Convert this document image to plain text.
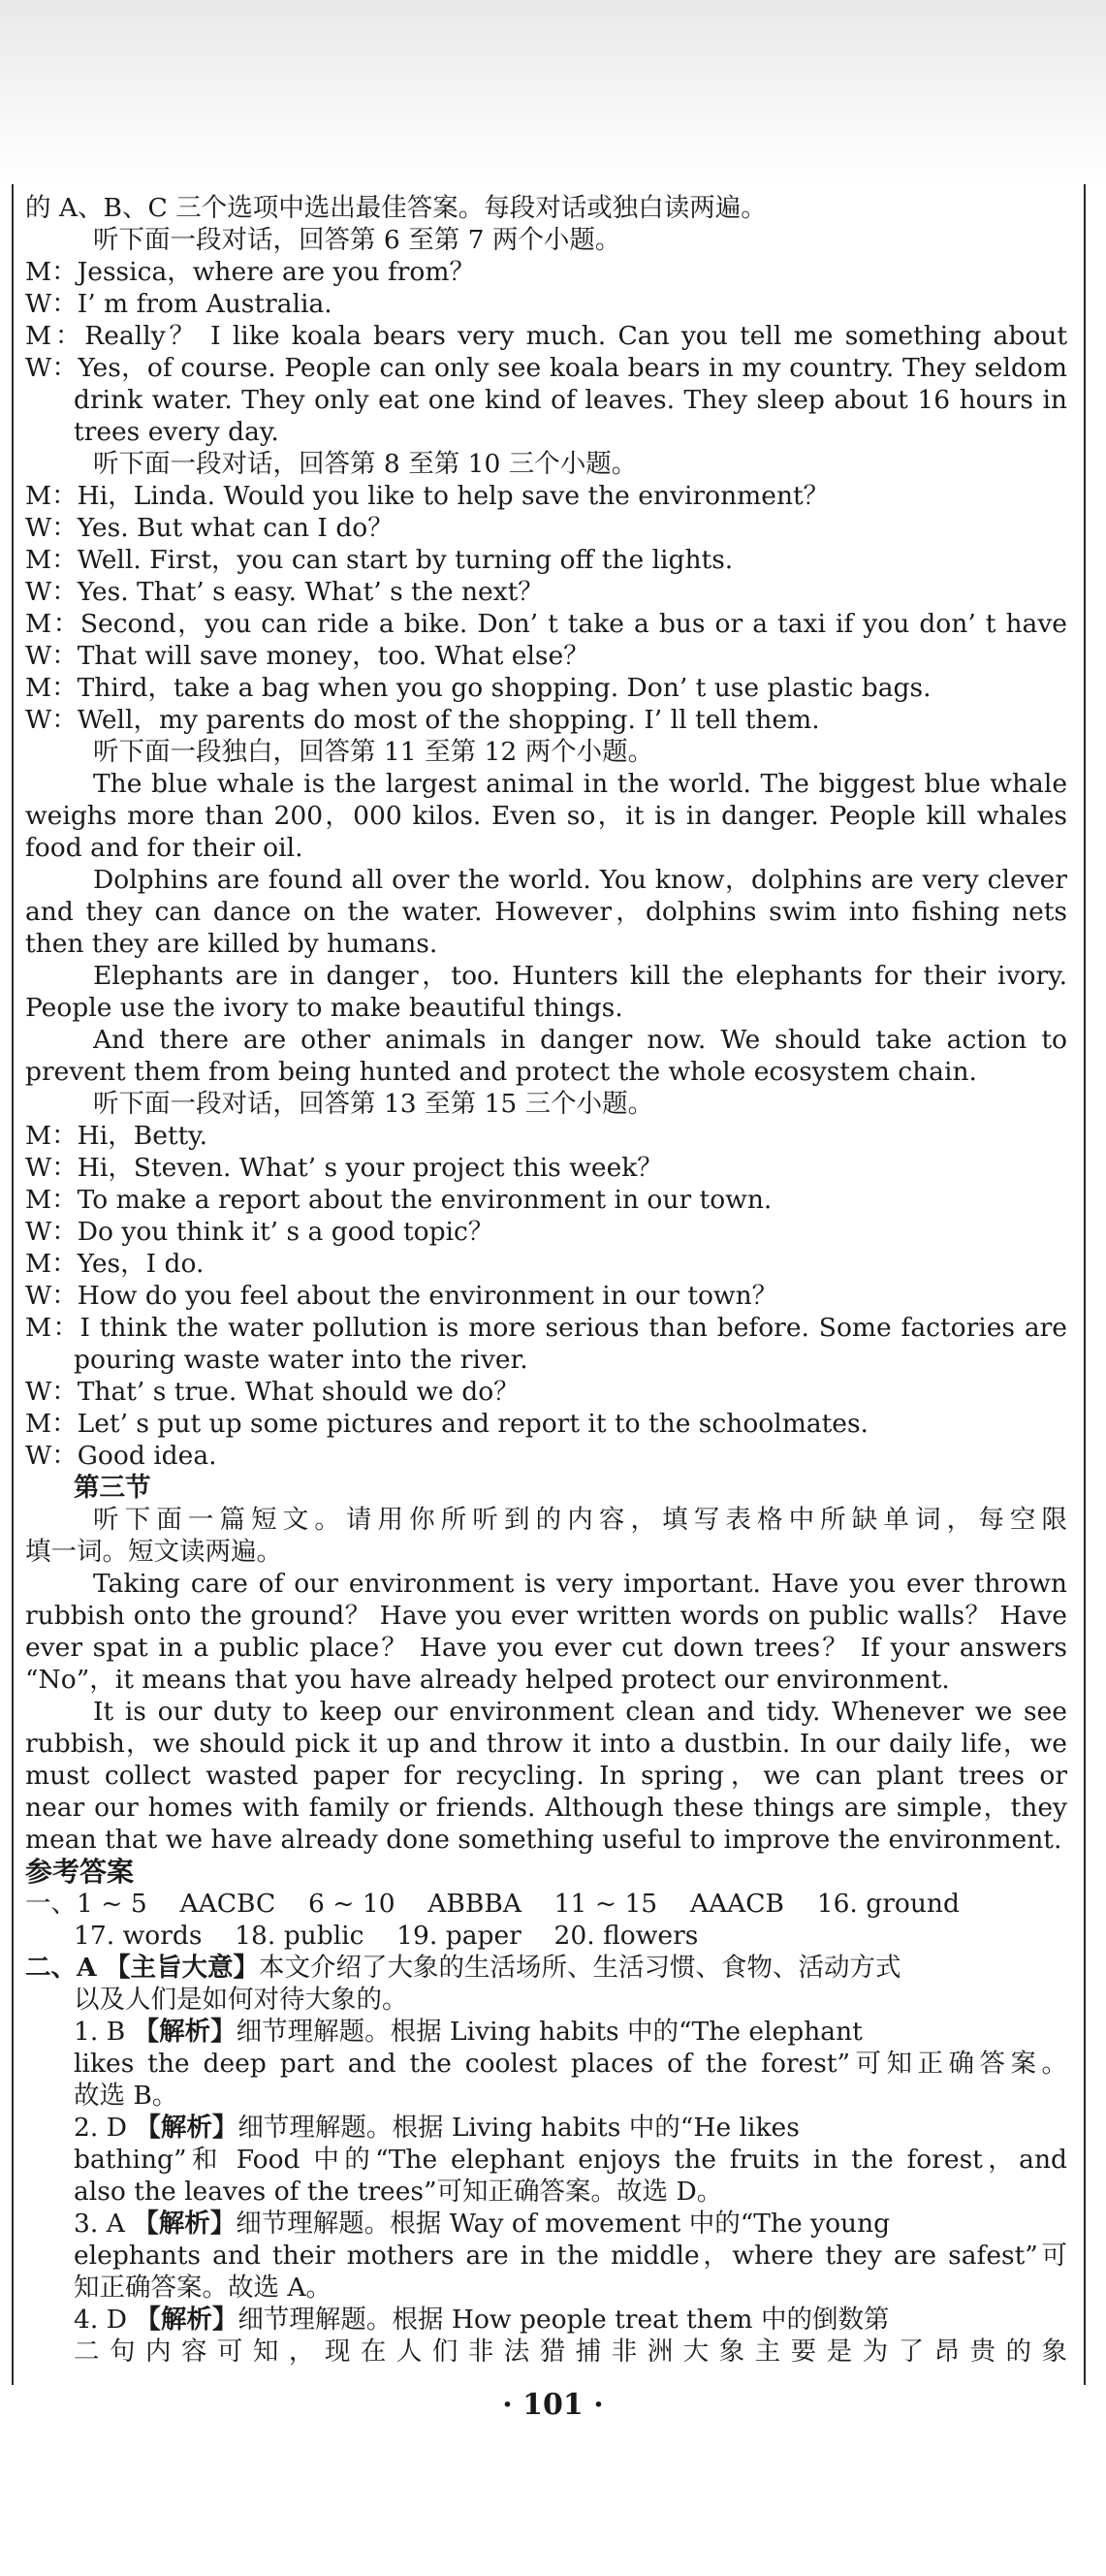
的 A、B、C 三个选项中选出最佳答案。每段对话或独白读两遍。
听下面一段对话，回答第 6 至第 7 两个小题。
M：Jessica，where are you from？
W：I’ m from Australia.
M：Really？ I like koala bears very much. Can you tell me something about
W：Yes，of course. People can only see koala bears in my country. They seldom
drink water. They only eat one kind of leaves. They sleep about 16 hours in
trees every day.
听下面一段对话，回答第 8 至第 10 三个小题。
M：Hi，Linda. Would you like to help save the environment？
W：Yes. But what can I do？
M：Well. First，you can start by turning off the lights.
W：Yes. That’ s easy. What’ s the next？
M：Second，you can ride a bike. Don’ t take a bus or a taxi if you don’ t have
W：That will save money，too. What else？
M：Third，take a bag when you go shopping. Don’ t use plastic bags.
W：Well，my parents do most of the shopping. I’ ll tell them.
听下面一段独白，回答第 11 至第 12 两个小题。
The blue whale is the largest animal in the world. The biggest blue whale
weighs more than 200，000 kilos. Even so，it is in danger. People kill whales
food and for their oil.
Dolphins are found all over the world. You know，dolphins are very clever
and they can dance on the water. However，dolphins swim into fishing nets
then they are killed by humans.
Elephants are in danger，too. Hunters kill the elephants for their ivory.
People use the ivory to make beautiful things.
And there are other animals in danger now. We should take action to
prevent them from being hunted and protect the whole ecosystem chain.
听下面一段对话，回答第 13 至第 15 三个小题。
M：Hi，Betty.
W：Hi，Steven. What’ s your project this week？
M：To make a report about the environment in our town.
W：Do you think it’ s a good topic？
M：Yes，I do.
W：How do you feel about the environment in our town？
M：I think the water pollution is more serious than before. Some factories are
pouring waste water into the river.
W：That’ s true. What should we do？
M：Let’ s put up some pictures and report it to the schoolmates.
W：Good idea.
第三节
听下面一篇短文。请用你所听到的内容，填写表格中所缺单词，每空限
填一词。短文读两遍。
Taking care of our environment is very important. Have you ever thrown
rubbish onto the ground？ Have you ever written words on public walls？ Have
ever spat in a public place？ Have you ever cut down trees？ If your answers
“No”，it means that you have already helped protect our environment.
It is our duty to keep our environment clean and tidy. Whenever we see
rubbish，we should pick it up and throw it into a dustbin. In our daily life，we
must collect wasted paper for recycling. In spring，we can plant trees or
near our homes with family or friends. Although these things are simple，they
mean that we have already done something useful to improve the environment.
参考答案
一、1 ~ 5    AACBC    6 ~ 10    ABBBA    11 ~ 15    AAACB    16. ground
17. words    18. public    19. paper    20. flowers
二、A 【主旨大意】本文介绍了大象的生活场所、生活习惯、食物、活动方式
以及人们是如何对待大象的。
1. B 【解析】细节理解题。根据 Living habits 中的“The elephant
likes the deep part and the coolest places of the forest”可知正确答案。
故选 B。
2. D 【解析】细节理解题。根据 Living habits 中的“He likes
bathing”和 Food 中的“The elephant enjoys the fruits in the forest，and
also the leaves of the trees”可知正确答案。故选 D。
3. A 【解析】细节理解题。根据 Way of movement 中的“The young
elephants and their mothers are in the middle，where they are safest”可
知正确答案。故选 A。
4. D 【解析】细节理解题。根据 How people treat them 中的倒数第
二句内容可知，现在人们非法猎捕非洲大象主要是为了昂贵的象
· 101 ·
